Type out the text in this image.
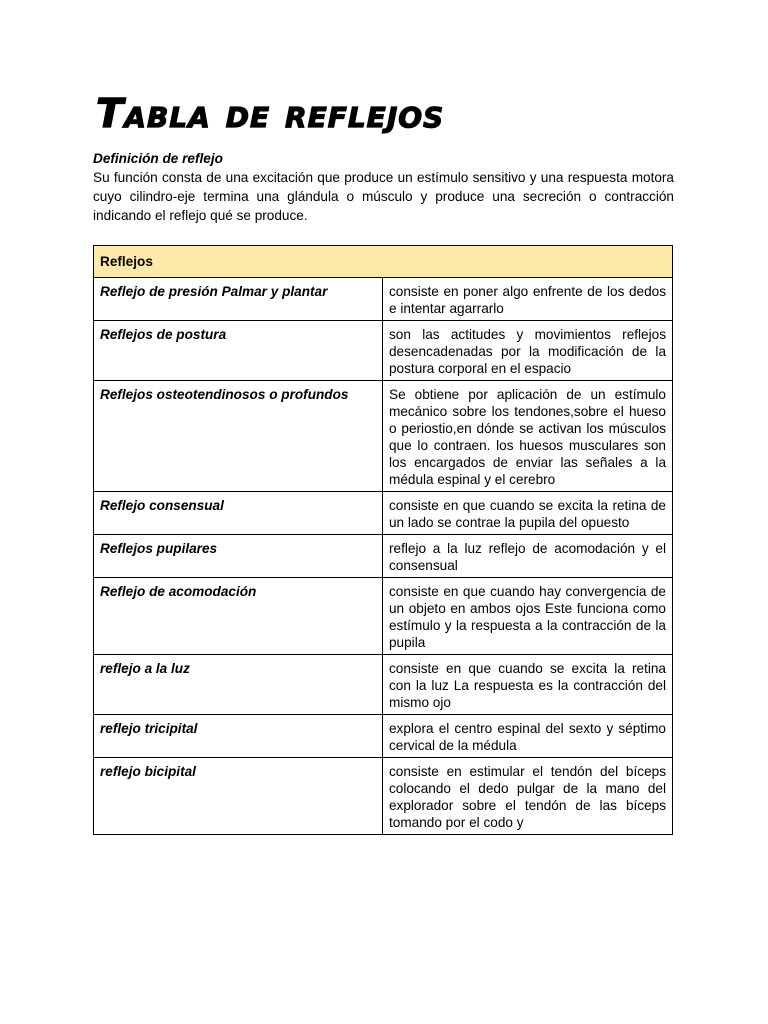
Tabla de reflejos

Definición de reflejo

Su función consta de una excitación que produce un estímulo sensitivo y una respuesta motora cuyo cilindro-eje termina una glándula o músculo y produce una secreción o contracción indicando el reflejo qué se produce.

Reflejos	
Reflejo de presión Palmar y plantar	consiste en poner algo enfrente de los dedos e intentar agarrarlo
Reflejos de postura	son las actitudes y movimientos reflejos desencadenadas por la modificación de la postura corporal en el espacio
Reflejos osteotendinosos o profundos	Se obtiene por aplicación de un estímulo mecánico sobre los tendones,sobre el hueso o periostio,en dónde se activan los músculos que lo contraen. los huesos musculares son los encargados de enviar las señales a la médula espinal y el cerebro
Reflejo consensual	consiste en que cuando se excita la retina de un lado se contrae la pupila del opuesto
Reflejos pupilares	reflejo a la luz reflejo de acomodación y el consensual
Reflejo de acomodación	consiste en que cuando hay convergencia de un objeto en ambos ojos Este funciona como estímulo y la respuesta a la contracción de la pupila
reflejo a la luz	consiste en que cuando se excita la retina con la luz La respuesta es la contracción del mismo ojo
reflejo tricipital	explora el centro espinal del sexto y séptimo cervical de la médula
reflejo bicipital	consiste en estimular el tendón del bíceps colocando el dedo pulgar de la mano del explorador sobre el tendón de las bíceps tomando por el codo y
